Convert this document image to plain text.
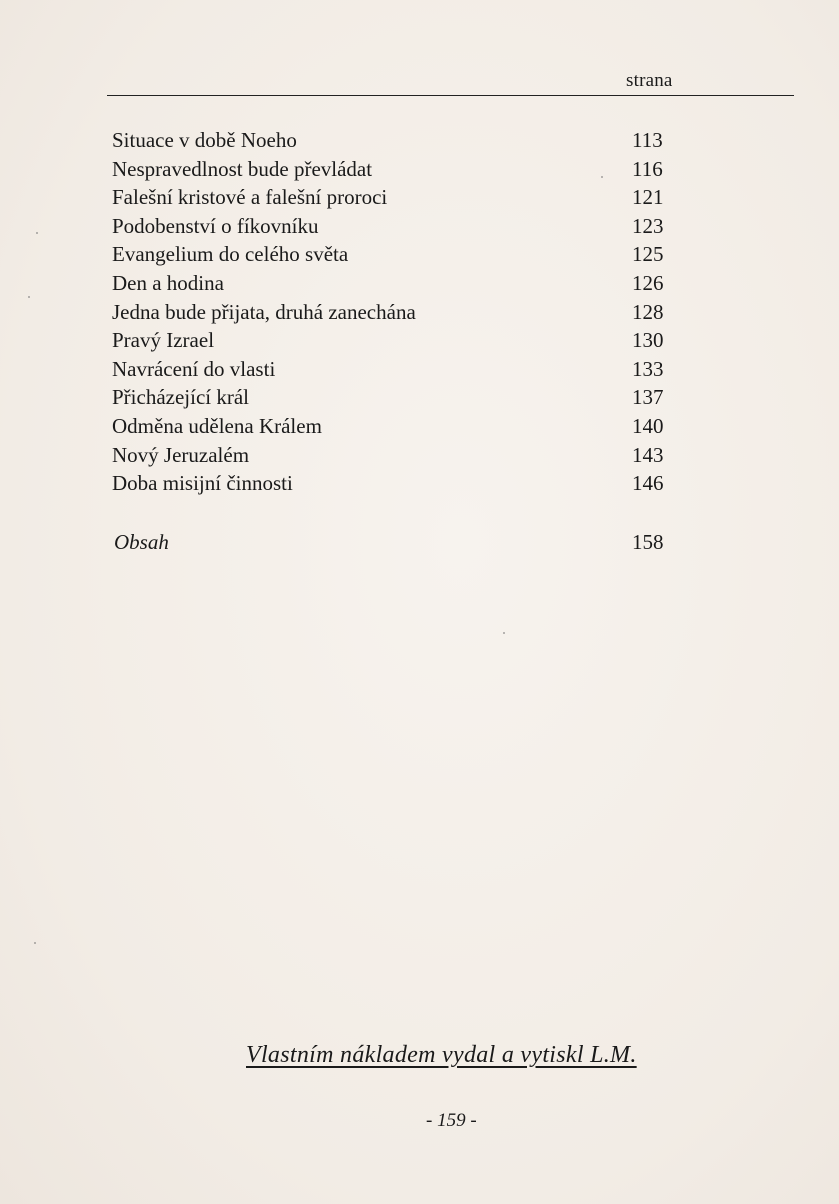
strana
Situace v době Noeho	113
Nespravedlnost bude převládat	116
Falešní kristové a falešní proroci	121
Podobenství o fíkovníku	123
Evangelium do celého světa	125
Den a hodina	126
Jedna bude přijata, druhá zanechána	128
Pravý Izrael	130
Navrácení do vlasti	133
Přicházející král	137
Odměna udělena Králem	140
Nový Jeruzalém	143
Doba misijní činnosti	146
Obsah	158
Vlastním nákladem vydal a vytiskl L.M.
- 159 -
